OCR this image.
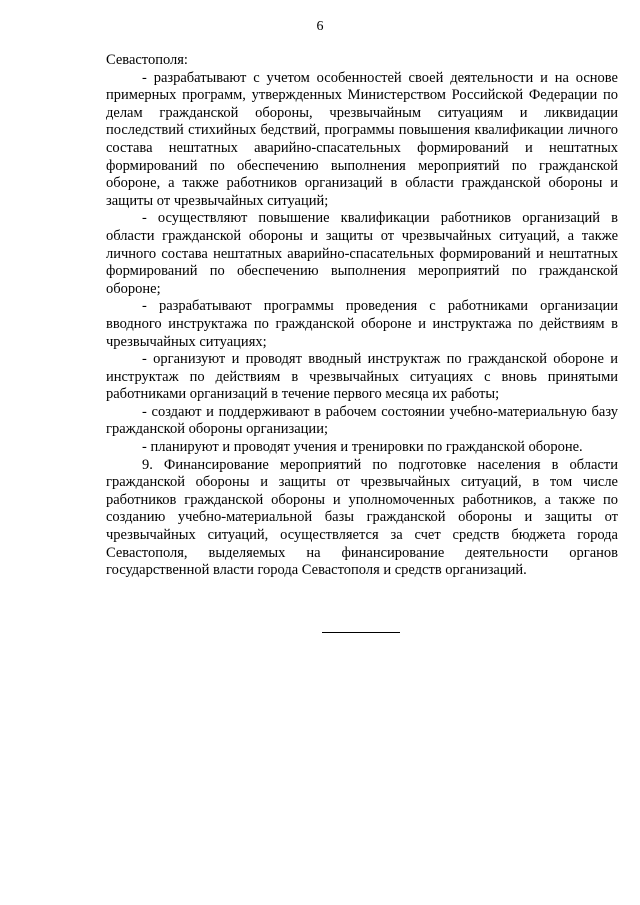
6

Севастополя:

- разрабатывают с учетом особенностей своей деятельности и на основе примерных программ, утвержденных Министерством Российской Федерации по делам гражданской обороны, чрезвычайным ситуациям и ликвидации последствий стихийных бедствий, программы повышения квалификации личного состава нештатных аварийно-спасательных формирований и нештатных формирований по обеспечению выполнения мероприятий по гражданской обороне, а также работников организаций в области гражданской обороны и защиты от чрезвычайных ситуаций;

- осуществляют повышение квалификации работников организаций в области гражданской обороны и защиты от чрезвычайных ситуаций, а также личного состава нештатных аварийно-спасательных формирований и нештатных формирований по обеспечению выполнения мероприятий по гражданской обороне;

- разрабатывают программы проведения с работниками организации вводного инструктажа по гражданской обороне и инструктажа по действиям в чрезвычайных ситуациях;

- организуют и проводят вводный инструктаж по гражданской обороне и инструктаж по действиям в чрезвычайных ситуациях с вновь принятыми работниками организаций в течение первого месяца их работы;

- создают и поддерживают в рабочем состоянии учебно-материальную базу гражданской обороны организации;

- планируют и проводят учения и тренировки по гражданской обороне.

9. Финансирование мероприятий по подготовке населения в области гражданской обороны и защиты от чрезвычайных ситуаций, в том числе работников гражданской обороны и уполномоченных работников, а также по созданию учебно-материальной базы гражданской обороны и защиты от чрезвычайных ситуаций, осуществляется за счет средств бюджета города Севастополя, выделяемых на финансирование деятельности органов государственной власти города Севастополя и средств организаций.
